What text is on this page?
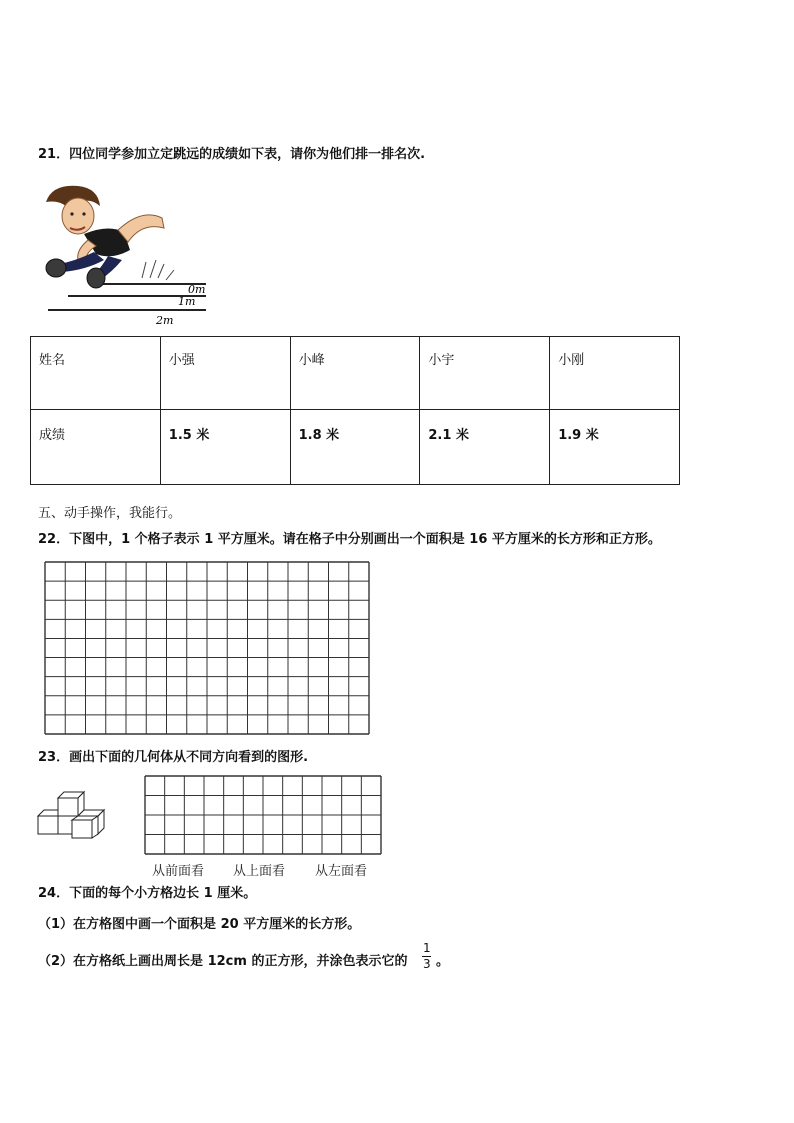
21．四位同学参加立定跳远的成绩如下表，请你为他们排一排名次.
0m
1m
2m
姓名	小强	小峰	小宇	小刚
成绩	1.5 米	1.8 米	2.1 米	1.9 米
五、动手操作，我能行。
22．下图中，1 个格子表示 1 平方厘米。请在格子中分别画出一个面积是 16 平方厘米的长方形和正方形。
23．画出下面的几何体从不同方向看到的图形.
从前面看 从上面看 从左面看
24．下面的每个小方格边长 1 厘米。
（1）在方格图中画一个面积是 20 平方厘米的长方形。
（2）在方格纸上画出周长是 12cm 的正方形，并涂色表示它的
1
3 。
